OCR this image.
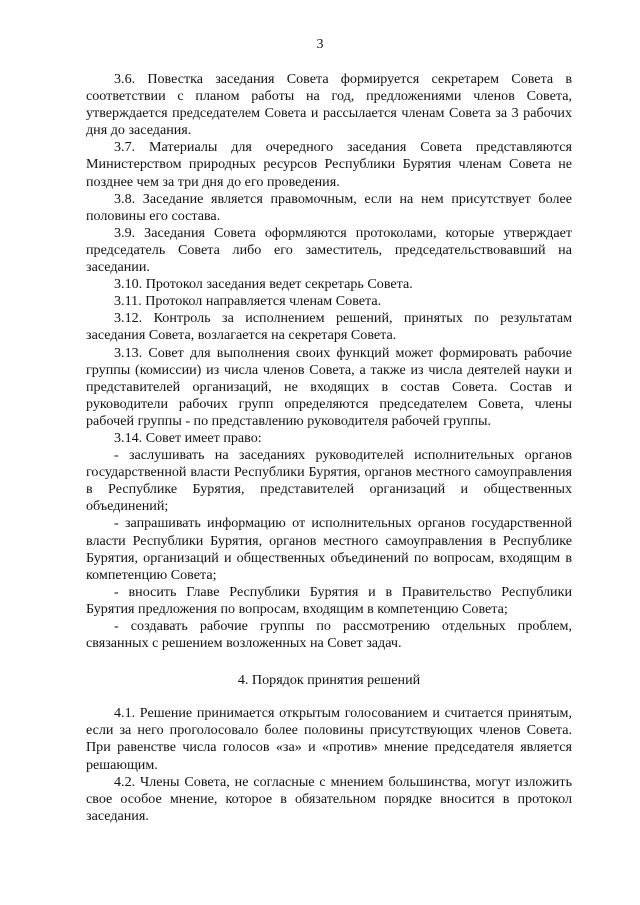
3

3.6. Повестка заседания Совета формируется секретарем Совета в соответствии с планом работы на год, предложениями членов Совета, утверждается председателем Совета и рассылается членам Совета за 3 рабочих дня до заседания.

3.7. Материалы для очередного заседания Совета представляются Министерством природных ресурсов Республики Бурятия членам Совета не позднее чем за три дня до его проведения.

3.8. Заседание является правомочным, если на нем присутствует более половины его состава.

3.9. Заседания Совета оформляются протоколами, которые утверждает председатель Совета либо его заместитель, председательствовавший на заседании.

3.10. Протокол заседания ведет секретарь Совета.

3.11. Протокол направляется членам Совета.

3.12. Контроль за исполнением решений, принятых по результатам заседания Совета, возлагается на секретаря Совета.

3.13. Совет для выполнения своих функций может формировать рабочие группы (комиссии) из числа членов Совета, а также из числа деятелей науки и представителей организаций, не входящих в состав Совета. Состав и руководители рабочих групп определяются председателем Совета, члены рабочей группы - по представлению руководителя рабочей группы.

3.14. Совет имеет право:

- заслушивать на заседаниях руководителей исполнительных органов государственной власти Республики Бурятия, органов местного самоуправления в Республике Бурятия, представителей организаций и общественных объединений;

- запрашивать информацию от исполнительных органов государственной власти Республики Бурятия, органов местного самоуправления в Республике Бурятия, организаций и общественных объединений по вопросам, входящим в компетенцию Совета;

- вносить Главе Республики Бурятия и в Правительство Республики Бурятия предложения по вопросам, входящим в компетенцию Совета;

- создавать рабочие группы по рассмотрению отдельных проблем, связанных с решением возложенных на Совет задач.

4. Порядок принятия решений

4.1. Решение принимается открытым голосованием и считается принятым, если за него проголосовало более половины присутствующих членов Совета. При равенстве числа голосов «за» и «против» мнение председателя является решающим.

4.2. Члены Совета, не согласные с мнением большинства, могут изложить свое особое мнение, которое в обязательном порядке вносится в протокол заседания.
